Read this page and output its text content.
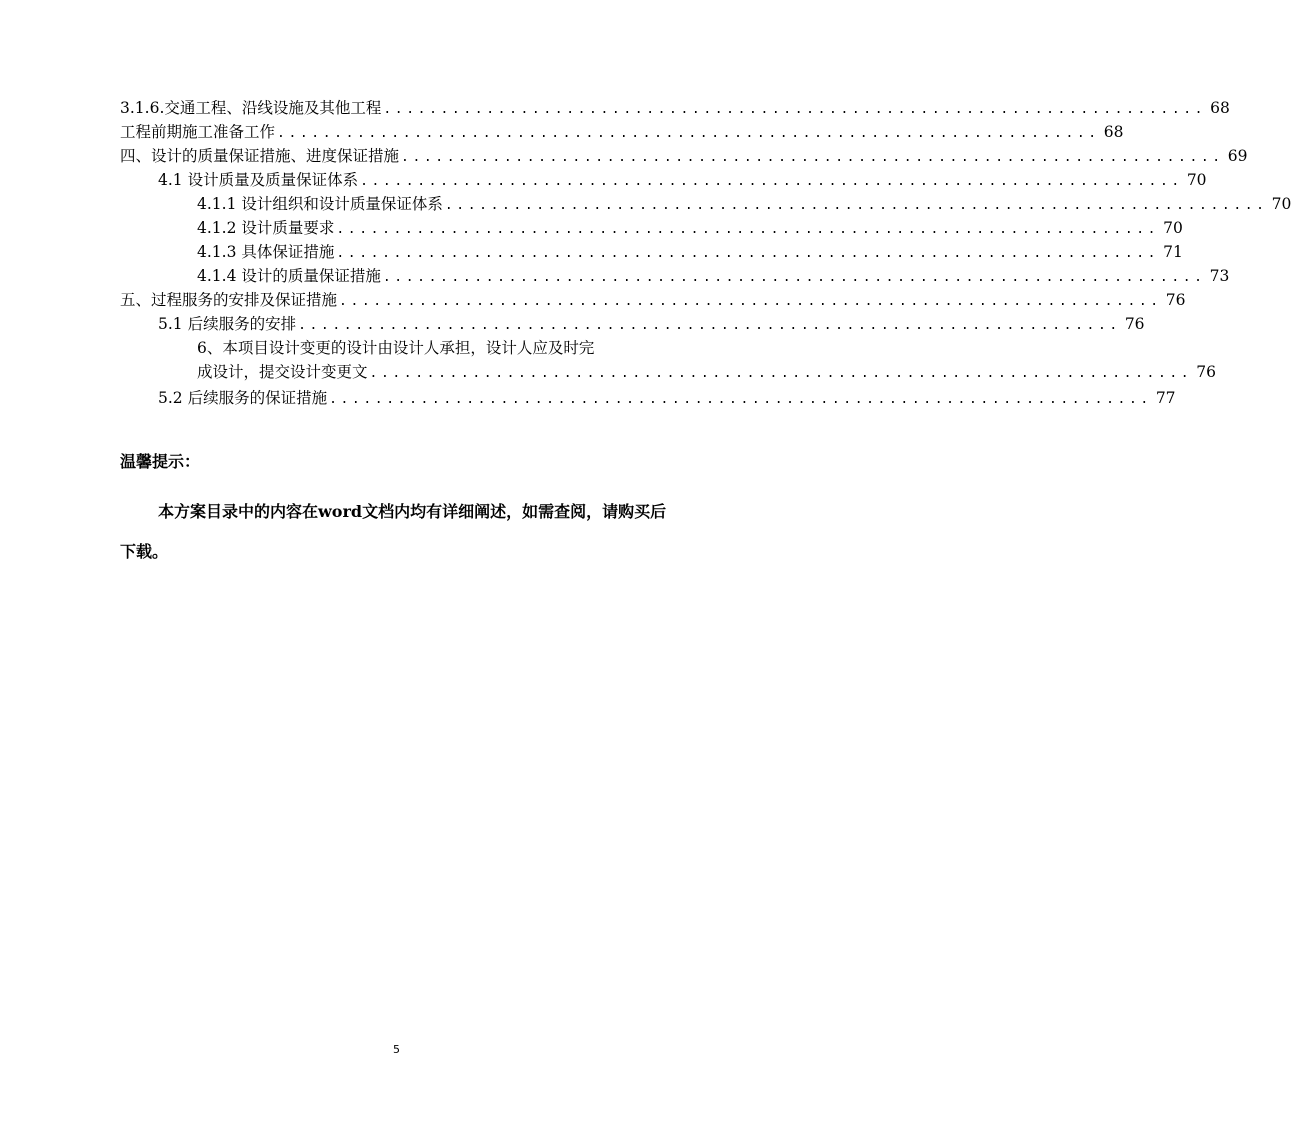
3.1.6.交通工程、沿线设施及其他工程 ........................................................................ 68
工程前期施工准备工作 ........................................................................ 68
四、设计的质量保证措施、进度保证措施 ........................................................................ 69
4.1 设计质量及质量保证体系 ........................................................................ 70
4.1.1 设计组织和设计质量保证体系 ........................................................................ 70
4.1.2 设计质量要求 ........................................................................ 70
4.1.3 具体保证措施 ........................................................................ 71
4.1.4 设计的质量保证措施 ........................................................................ 73
五、过程服务的安排及保证措施 ........................................................................ 76
5.1 后续服务的安排 ........................................................................ 76
6、本项目设计变更的设计由设计人承担，设计人应及时完
成设计，提交设计变更文 ........................................................................ 76
5.2 后续服务的保证措施 ........................................................................ 77
温馨提示：
本方案目录中的内容在word文档内均有详细阐述，如需查阅，请购买后下载。
5
